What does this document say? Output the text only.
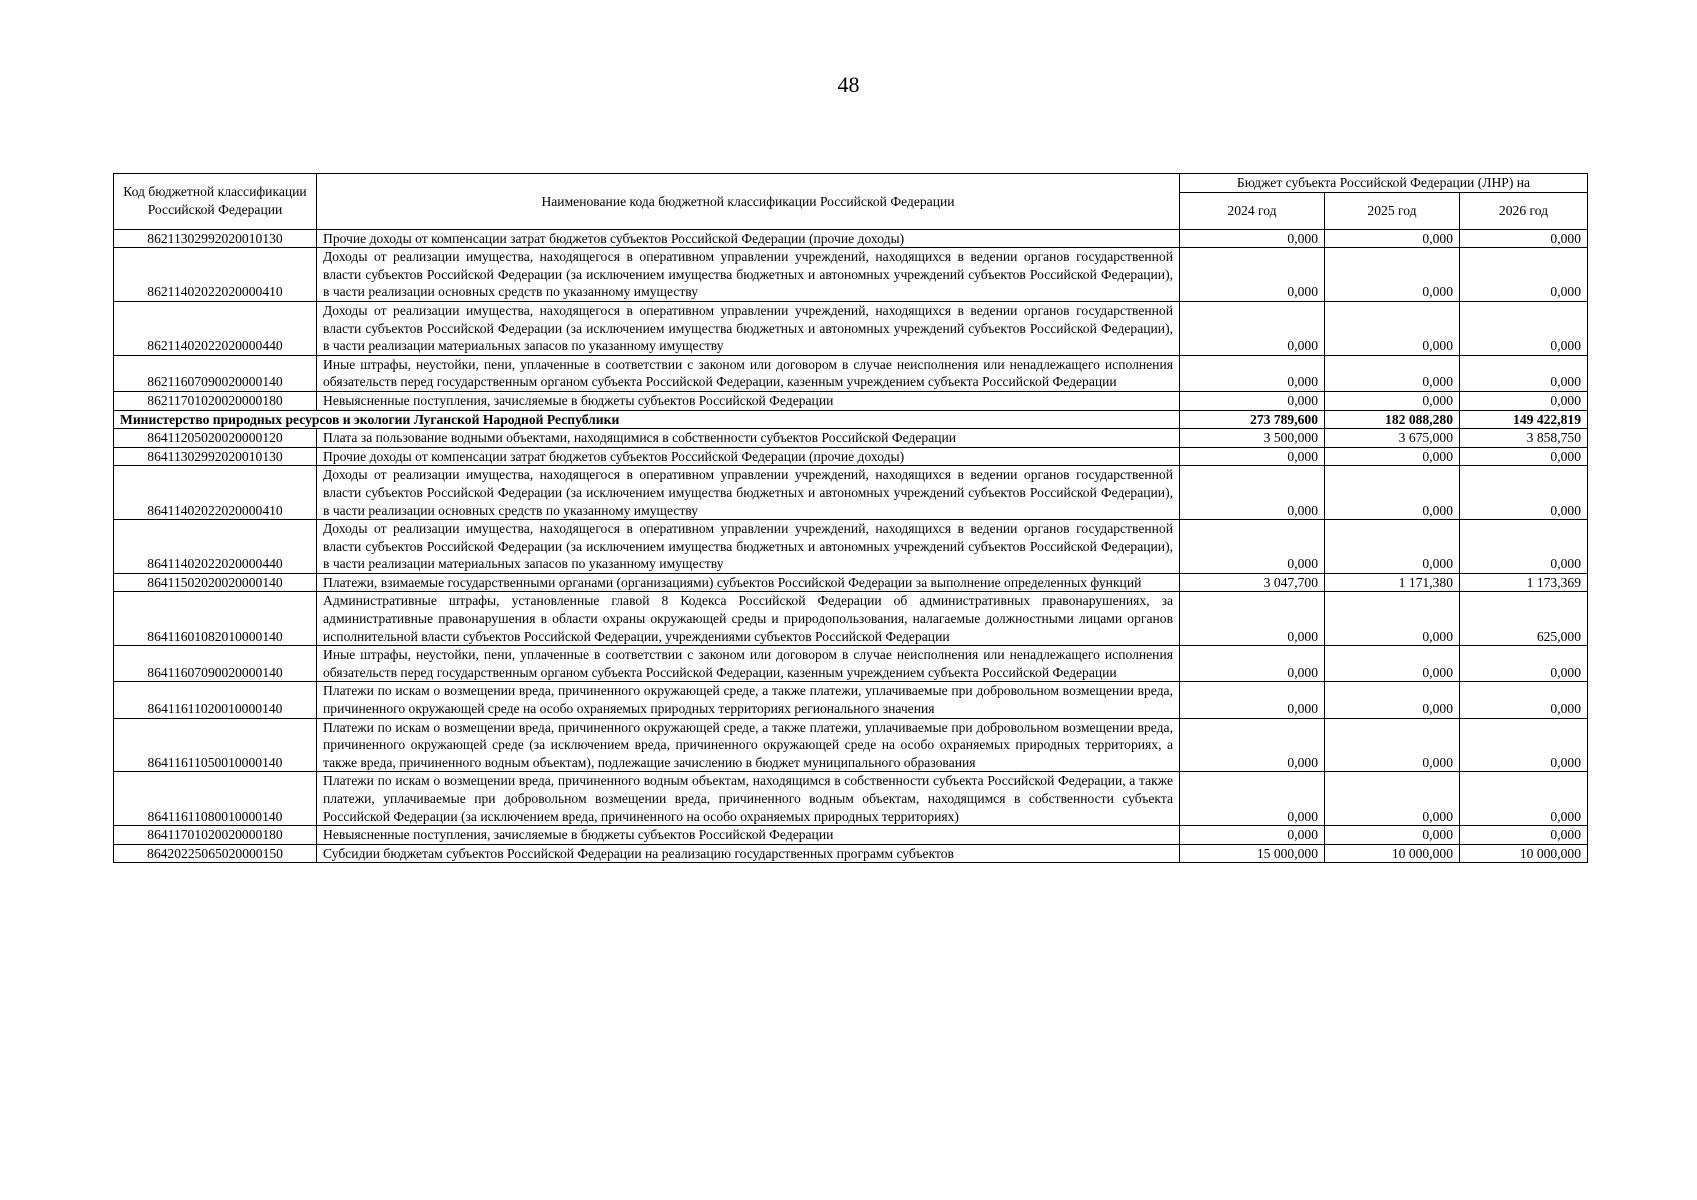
48
Код бюджетной классификации Российской Федерации	Наименование кода бюджетной классификации Российской Федерации	Бюджет субъекта Российской Федерации (ЛНР) на		
		2024 год	2025 год	2026 год
86211302992020010130	Прочие доходы от компенсации затрат бюджетов субъектов Российской Федерации (прочие доходы)	0,000	0,000	0,000
86211402022020000410	Доходы от реализации имущества, находящегося в оперативном управлении учреждений, находящихся в ведении органов государственной власти субъектов Российской Федерации (за исключением имущества бюджетных и автономных учреждений субъектов Российской Федерации), в части реализации основных средств по указанному имуществу	0,000	0,000	0,000
86211402022020000440	Доходы от реализации имущества, находящегося в оперативном управлении учреждений, находящихся в ведении органов государственной власти субъектов Российской Федерации (за исключением имущества бюджетных и автономных учреждений субъектов Российской Федерации), в части реализации материальных запасов по указанному имуществу	0,000	0,000	0,000
86211607090020000140	Иные штрафы, неустойки, пени, уплаченные в соответствии с законом или договором в случае неисполнения или ненадлежащего исполнения обязательств перед государственным органом субъекта Российской Федерации, казенным учреждением субъекта Российской Федерации	0,000	0,000	0,000
86211701020020000180	Невыясненные поступления, зачисляемые в бюджеты субъектов Российской Федерации	0,000	0,000	0,000
Министерство природных ресурсов и экологии Луганской Народной Республики		273 789,600	182 088,280	149 422,819
86411205020020000120	Плата за пользование водными объектами, находящимися в собственности субъектов Российской Федерации	3 500,000	3 675,000	3 858,750
86411302992020010130	Прочие доходы от компенсации затрат бюджетов субъектов Российской Федерации (прочие доходы)	0,000	0,000	0,000
86411402022020000410	Доходы от реализации имущества, находящегося в оперативном управлении учреждений, находящихся в ведении органов государственной власти субъектов Российской Федерации (за исключением имущества бюджетных и автономных учреждений субъектов Российской Федерации), в части реализации основных средств по указанному имуществу	0,000	0,000	0,000
86411402022020000440	Доходы от реализации имущества, находящегося в оперативном управлении учреждений, находящихся в ведении органов государственной власти субъектов Российской Федерации (за исключением имущества бюджетных и автономных учреждений субъектов Российской Федерации), в части реализации материальных запасов по указанному имуществу	0,000	0,000	0,000
86411502020020000140	Платежи, взимаемые государственными органами (организациями) субъектов Российской Федерации за выполнение определенных функций	3 047,700	1 171,380	1 173,369
86411601082010000140	Административные штрафы, установленные главой 8 Кодекса Российской Федерации об административных правонарушениях, за административные правонарушения в области охраны окружающей среды и природопользования, налагаемые должностными лицами органов исполнительной власти субъектов Российской Федерации, учреждениями субъектов Российской Федерации	0,000	0,000	625,000
86411607090020000140	Иные штрафы, неустойки, пени, уплаченные в соответствии с законом или договором в случае неисполнения или ненадлежащего исполнения обязательств перед государственным органом субъекта Российской Федерации, казенным учреждением субъекта Российской Федерации	0,000	0,000	0,000
86411611020010000140	Платежи по искам о возмещении вреда, причиненного окружающей среде, а также платежи, уплачиваемые при добровольном возмещении вреда, причиненного окружающей среде на особо охраняемых природных территориях регионального значения	0,000	0,000	0,000
86411611050010000140	Платежи по искам о возмещении вреда, причиненного окружающей среде, а также платежи, уплачиваемые при добровольном возмещении вреда, причиненного окружающей среде (за исключением вреда, причиненного окружающей среде на особо охраняемых природных территориях, а также вреда, причиненного водным объектам), подлежащие зачислению в бюджет муниципального образования	0,000	0,000	0,000
86411611080010000140	Платежи по искам о возмещении вреда, причиненного водным объектам, находящимся в собственности субъекта Российской Федерации, а также платежи, уплачиваемые при добровольном возмещении вреда, причиненного водным объектам, находящимся в собственности субъекта Российской Федерации (за исключением вреда, причиненного на особо охраняемых природных территориях)	0,000	0,000	0,000
86411701020020000180	Невыясненные поступления, зачисляемые в бюджеты субъектов Российской Федерации	0,000	0,000	0,000
86420225065020000150	Субсидии бюджетам субъектов Российской Федерации на реализацию государственных программ субъектов	15 000,000	10 000,000	10 000,000
